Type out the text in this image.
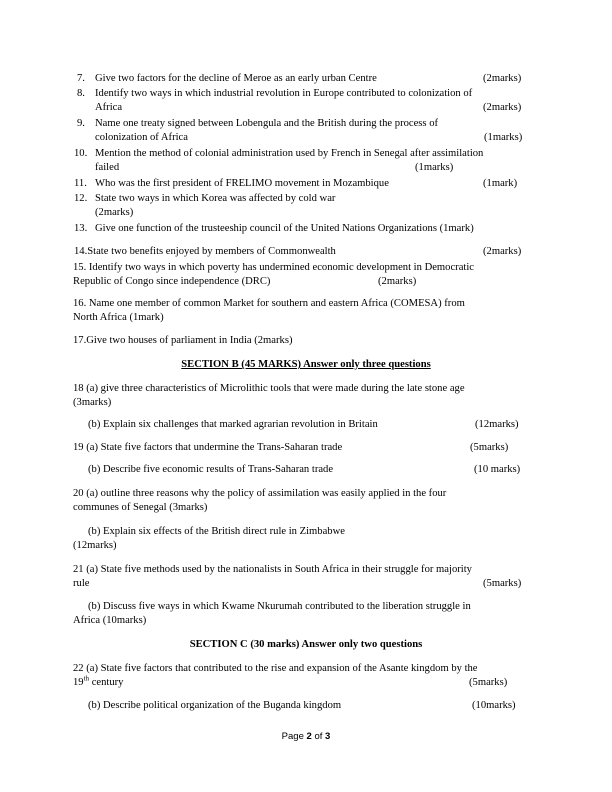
7. Give two factors for the decline of Meroe as an early urban Centre	(2marks)
8. Identify two ways in which industrial revolution in Europe contributed to colonization of
Africa	(2marks)
9. Name one treaty signed between Lobengula and the British during the process of
colonization of Africa	(1marks)
10. Mention the method of colonial administration used by French in Senegal after assimilation
failed	(1marks)
11. Who was the first president of FRELIMO movement in Mozambique	(1mark)
12. State two ways in which Korea was affected by cold war
(2marks)
13. Give one function of the trusteeship council of the United Nations Organizations (1mark)
14.State two benefits enjoyed by members of Commonwealth	(2marks)
15. Identify two ways in which poverty has undermined economic development in Democratic
Republic of Congo since independence (DRC)	(2marks)
16. Name one member of common Market for southern and eastern Africa (COMESA) from
North Africa (1mark)
17.Give two houses of parliament in India (2marks)
SECTION B (45 MARKS) Answer only three questions
18 (a) give three characteristics of Microlithic tools that were made during the late stone age
(3marks)
(b) Explain six challenges that marked agrarian revolution in Britain	(12marks)
19 (a) State five factors that undermine the Trans-Saharan trade	(5marks)
(b) Describe five economic results of Trans-Saharan trade	(10 marks)
20 (a) outline three reasons why the policy of assimilation was easily applied in the four
communes of Senegal (3marks)
(b) Explain six effects of the British direct rule in Zimbabwe
(12marks)
21 (a) State five methods used by the nationalists in South Africa in their struggle for majority
rule	(5marks)
(b) Discuss five ways in which Kwame Nkurumah contributed to the liberation struggle in
Africa (10marks)
SECTION C (30 marks) Answer only two questions
22 (a) State five factors that contributed to the rise and expansion of the Asante kingdom by the
19th century	(5marks)
(b) Describe political organization of the Buganda kingdom	(10marks)
Page 2 of 3
